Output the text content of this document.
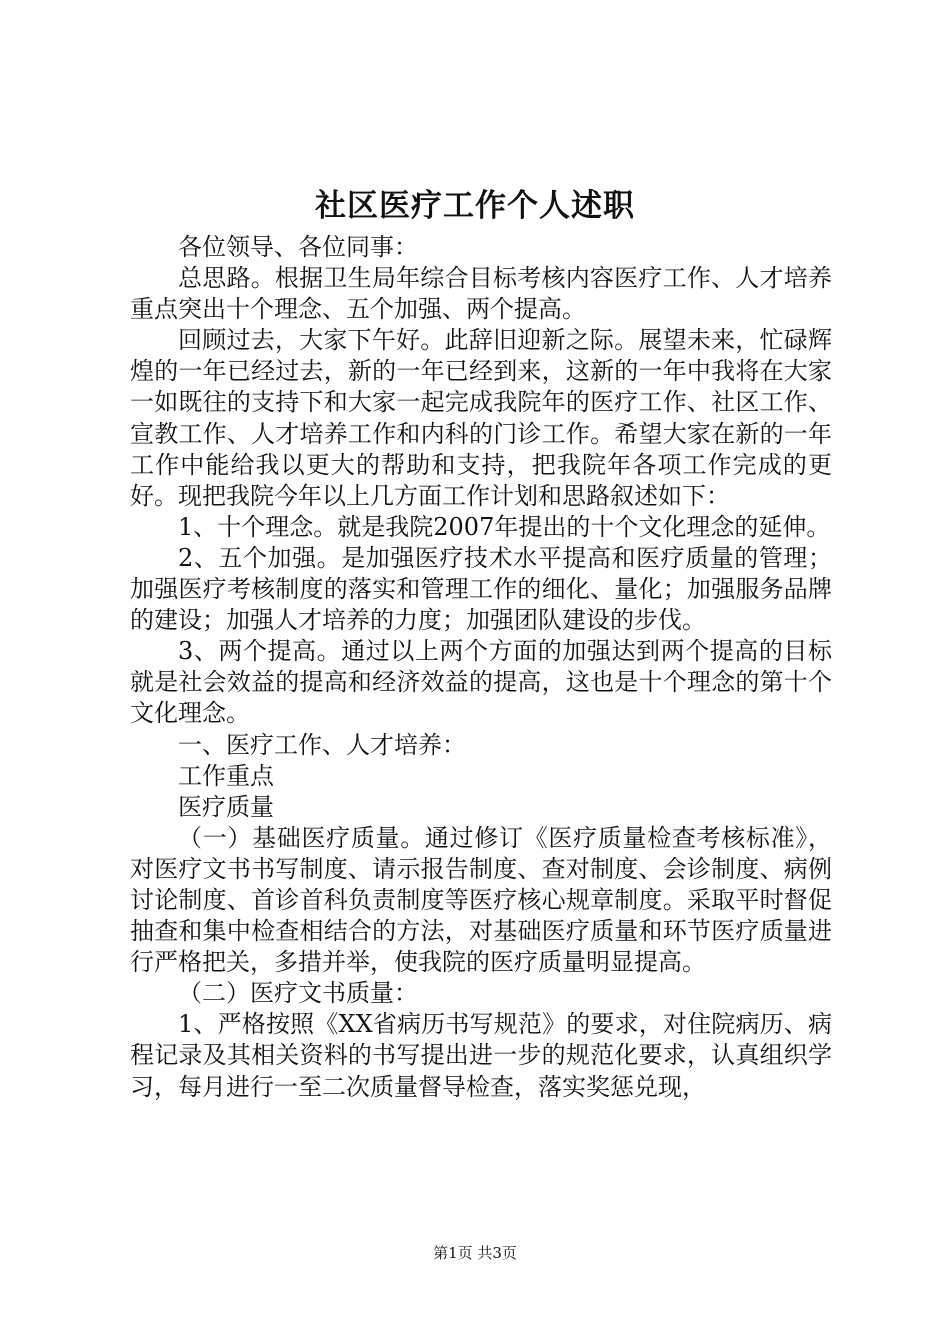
社区医疗工作个人述职

各位领导、各位同事：

总思路。根据卫生局年综合目标考核内容医疗工作、人才培养重点突出十个理念、五个加强、两个提高。

回顾过去，大家下午好。此辞旧迎新之际。展望未来，忙碌辉煌的一年已经过去，新的一年已经到来，这新的一年中我将在大家一如既往的支持下和大家一起完成我院年的医疗工作、社区工作、宣教工作、人才培养工作和内科的门诊工作。希望大家在新的一年工作中能给我以更大的帮助和支持，把我院年各项工作完成的更好。现把我院今年以上几方面工作计划和思路叙述如下：

1、十个理念。就是我院2007年提出的十个文化理念的延伸。

2、五个加强。是加强医疗技术水平提高和医疗质量的管理；加强医疗考核制度的落实和管理工作的细化、量化；加强服务品牌的建设；加强人才培养的力度；加强团队建设的步伐。

3、两个提高。通过以上两个方面的加强达到两个提高的目标就是社会效益的提高和经济效益的提高，这也是十个理念的第十个文化理念。

一、医疗工作、人才培养：

工作重点

医疗质量

（一）基础医疗质量。通过修订《医疗质量检查考核标准》，对医疗文书书写制度、请示报告制度、查对制度、会诊制度、病例讨论制度、首诊首科负责制度等医疗核心规章制度。采取平时督促抽查和集中检查相结合的方法，对基础医疗质量和环节医疗质量进行严格把关，多措并举，使我院的医疗质量明显提高。

（二）医疗文书质量：

1、严格按照《XX省病历书写规范》的要求，对住院病历、病程记录及其相关资料的书写提出进一步的规范化要求，认真组织学习，每月进行一至二次质量督导检查，落实奖惩兑现，

第1页 共3页
